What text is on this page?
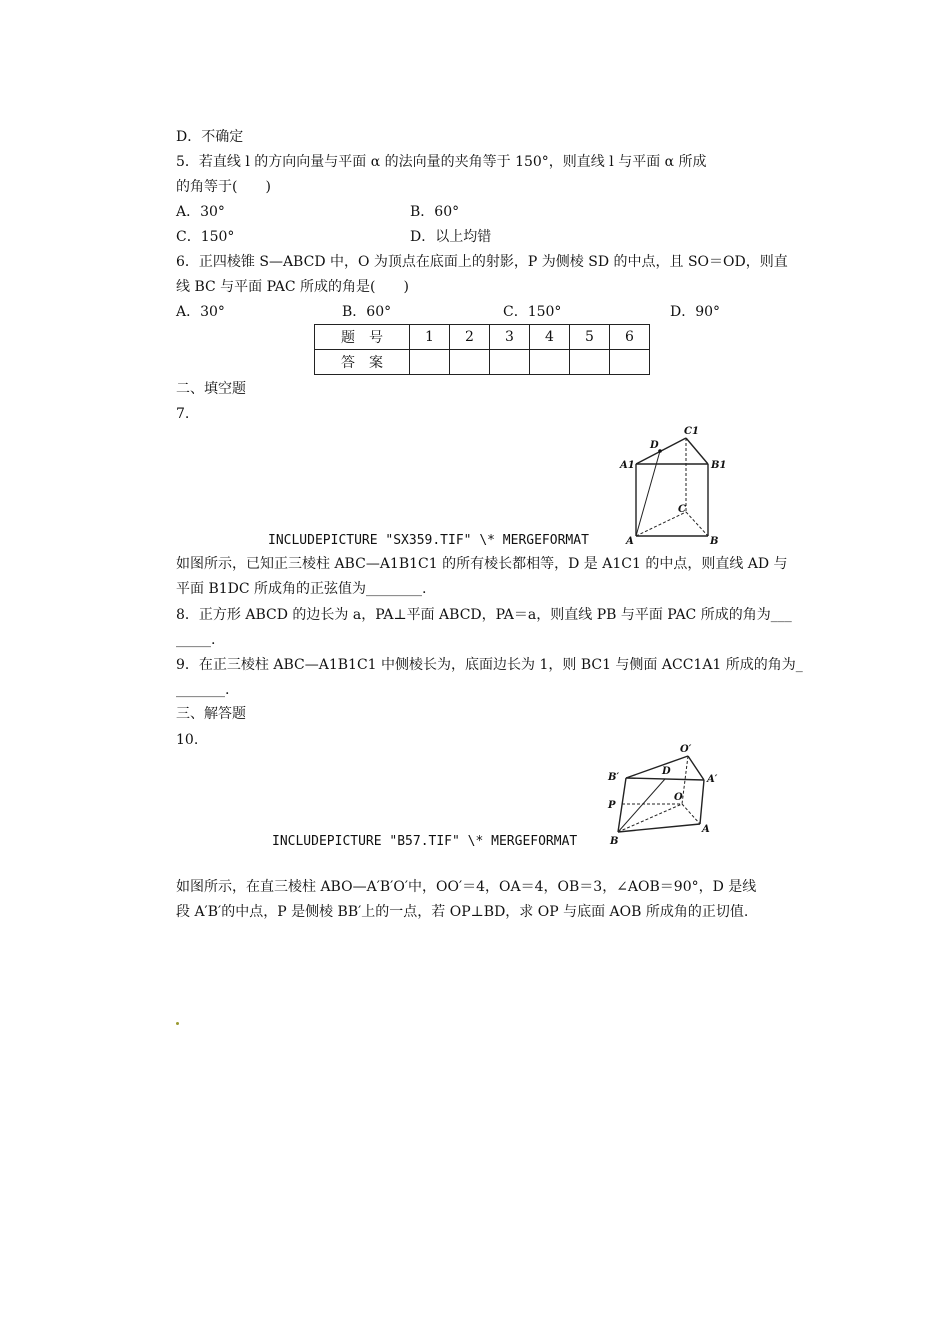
D．不确定
5．若直线 l 的方向向量与平面 α 的法向量的夹角等于 150°，则直线 l 与平面 α 所成
的角等于(　　)
A．30°	B．60°
C．150°	D．以上均错
6．正四棱锥 S—ABCD 中，O 为顶点在底面上的射影，P 为侧棱 SD 的中点，且 SO＝OD，则直
线 BC 与平面 PAC 所成的角是(　　)
A．30°	B．60°	C．150°	D．90°
题号	1	2	3	4	5	6
答案						
二、填空题
7.
C1
D
A1	B1
C
A	B
INCLUDEPICTURE "SX359.TIF" \* MERGEFORMAT
如图所示，已知正三棱柱 ABC—A1B1C1 的所有棱长都相等，D 是 A1C1 的中点，则直线 AD 与
平面 B1DC 所成角的正弦值为________.
8．正方形 ABCD 的边长为 a，PA⊥平面 ABCD，PA＝a，则直线 PB 与平面 PAC 所成的角为___
_____.
9．在正三棱柱 ABC—A1B1C1 中侧棱长为，底面边长为 1，则 BC1 与侧面 ACC1A1 所成的角为_
_______.
三、解答题
10.
O′
D
B′	A′
P
O
A
B
INCLUDEPICTURE "B57.TIF" \* MERGEFORMAT
如图所示，在直三棱柱 ABO—A′B′O′中，OO′＝4，OA＝4，OB＝3，∠AOB＝90°，D 是线
段 A′B′的中点，P 是侧棱 BB′上的一点，若 OP⊥BD，求 OP 与底面 AOB 所成角的正切值.
